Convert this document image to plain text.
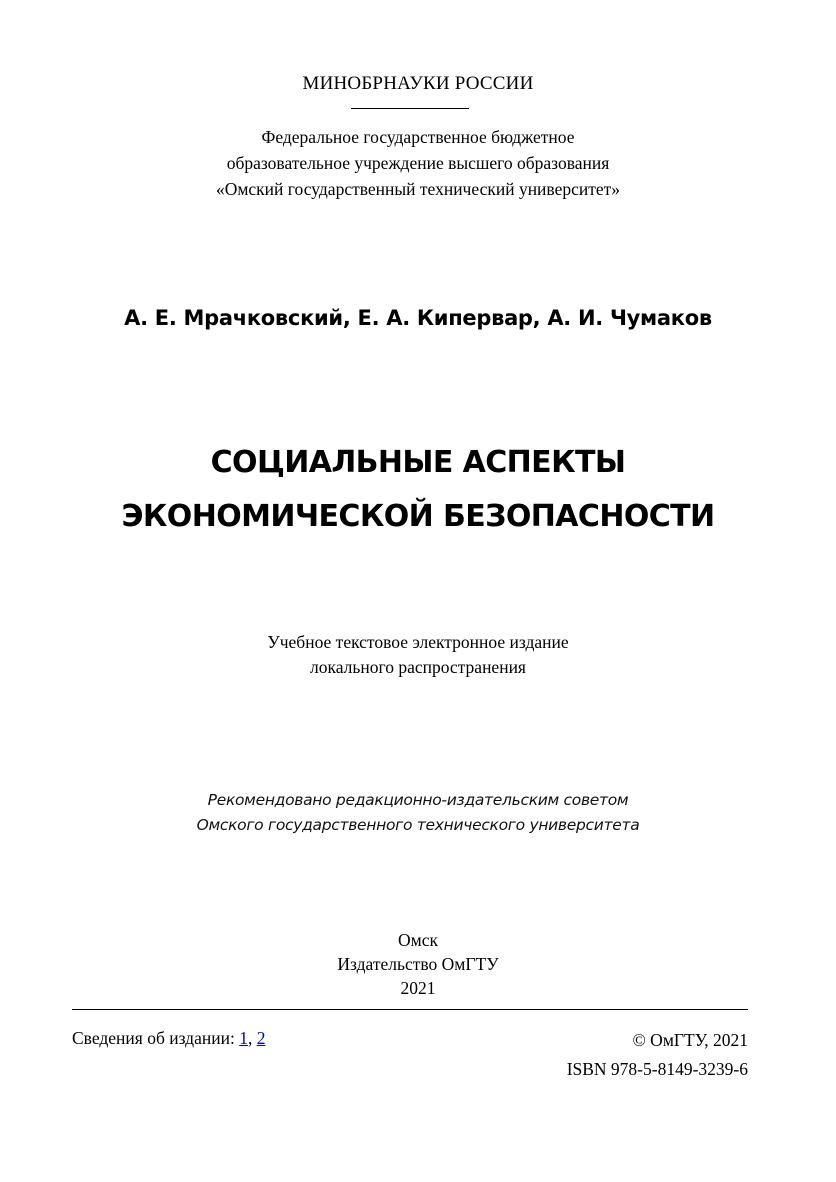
МИНОБРНАУКИ РОССИИ
Федеральное государственное бюджетное
образовательное учреждение высшего образования
«Омский государственный технический университет»
А. Е. Мрачковский, Е. А. Кипервар, А. И. Чумаков
СОЦИАЛЬНЫЕ АСПЕКТЫ
ЭКОНОМИЧЕСКОЙ БЕЗОПАСНОСТИ
Учебное текстовое электронное издание
локального распространения
Рекомендовано редакционно-издательским советом
Омского государственного технического университета
Омск
Издательство ОмГТУ
2021
Сведения об издании: 1, 2	© ОмГТУ, 2021
ISBN 978-5-8149-3239-6
